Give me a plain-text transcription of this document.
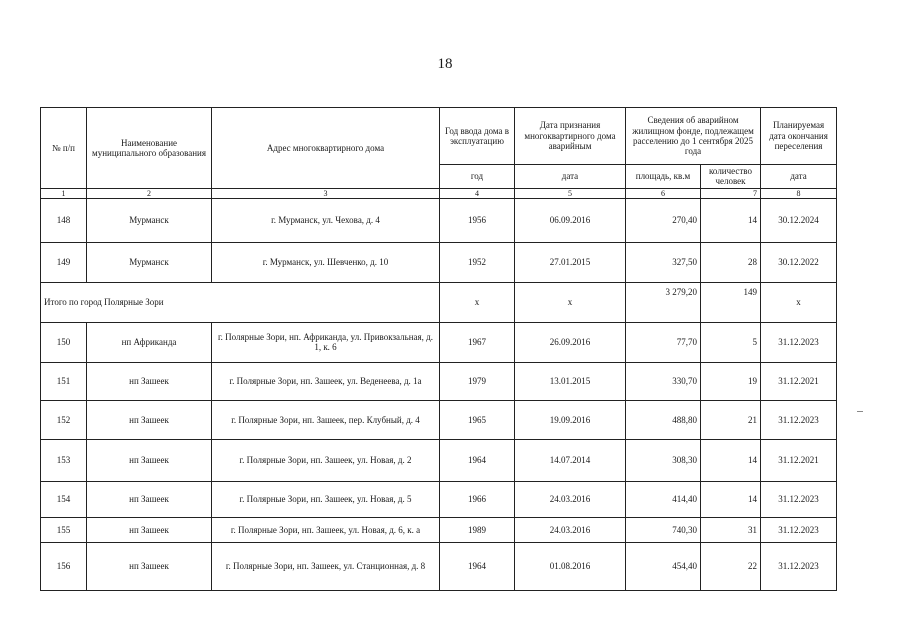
18
№ п/п	Наименование муниципального образования	Адрес многоквартирного дома	Год ввода дома в эксплуатацию	Дата признания многоквартирного дома аварийным	Сведения об аварийном жилищном фонде, подлежащем расселению до 1 сентября 2025 года		Планируемая дата окончания переселения
			год	дата	площадь, кв.м	количество человек	дата
1	2	3	4	5	6	7	8
148	Мурманск	г. Мурманск, ул. Чехова, д. 4	1956	06.09.2016	270,40	14	30.12.2024
149	Мурманск	г. Мурманск, ул. Шевченко, д. 10	1952	27.01.2015	327,50	28	30.12.2022
Итого по город Полярные Зори			х	х	3 279,20	149	х
150	нп Африканда	г. Полярные Зори, нп. Африканда, ул. Привокзальная, д. 1, к. 6	1967	26.09.2016	77,70	5	31.12.2023
151	нп Зашеек	г. Полярные Зори, нп. Зашеек, ул. Веденеева, д. 1а	1979	13.01.2015	330,70	19	31.12.2021
152	нп Зашеек	г. Полярные Зори, нп. Зашеек, пер. Клубный, д. 4	1965	19.09.2016	488,80	21	31.12.2023
153	нп Зашеек	г. Полярные Зори, нп. Зашеек, ул. Новая, д. 2	1964	14.07.2014	308,30	14	31.12.2021
154	нп Зашеек	г. Полярные Зори, нп. Зашеек, ул. Новая, д. 5	1966	24.03.2016	414,40	14	31.12.2023
155	нп Зашеек	г. Полярные Зори, нп. Зашеек, ул. Новая, д. 6, к. а	1989	24.03.2016	740,30	31	31.12.2023
156	нп Зашеек	г. Полярные Зори, нп. Зашеек, ул. Станционная, д. 8	1964	01.08.2016	454,40	22	31.12.2023
